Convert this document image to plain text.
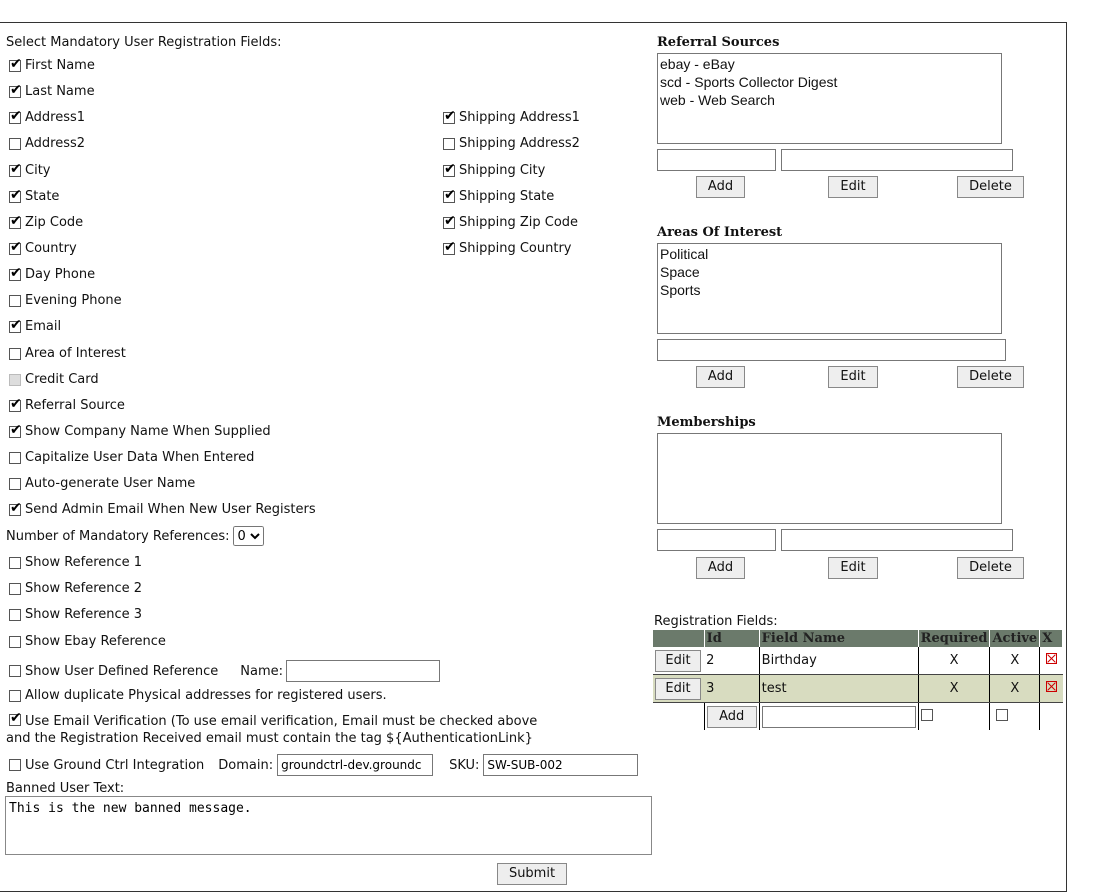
Select Mandatory User Registration Fields:
✔
First Name
✔
Last Name
✔
Address1
Address2
✔
City
✔
State
✔
Zip Code
✔
Country
✔
Day Phone
Evening Phone
✔
Email
Area of Interest
Credit Card
✔
Referral Source
✔
Show Company Name When Supplied
Capitalize User Data When Entered
Auto-generate User Name
✔
Send Admin Email When New User Registers
✔
Shipping Address1
Shipping Address2
✔
Shipping City
✔
Shipping State
✔
Shipping Zip Code
✔
Shipping Country
Number of Mandatory References:
0
Show Reference 1
Show Reference 2
Show Reference 3
Show Ebay Reference
Show User Defined Reference Name:
Allow duplicate Physical addresses for registered users.
✔Use Email Verification (To use email verification, Email must be checked above
and the Registration Received email must contain the tag ${AuthenticationLink}
Use Ground Ctrl Integration Domain:
groundctrl-dev.groundc	SKU:
SW-SUB-002
Banned User Text:
This is the new banned message.
Submit
Referral Sources
ebay - eBay
scd - Sports Collector Digest
web - Web Search
Add	Edit	Delete
Areas Of Interest
Political
Space
Sports
Add	Edit	Delete
Memberships
Add	Edit	Delete
Registration Fields:
	Id	Field Name	Required	Active	X
Edit	2	Birthday	X	X	
Edit	3	test	X	X	
	Add				
